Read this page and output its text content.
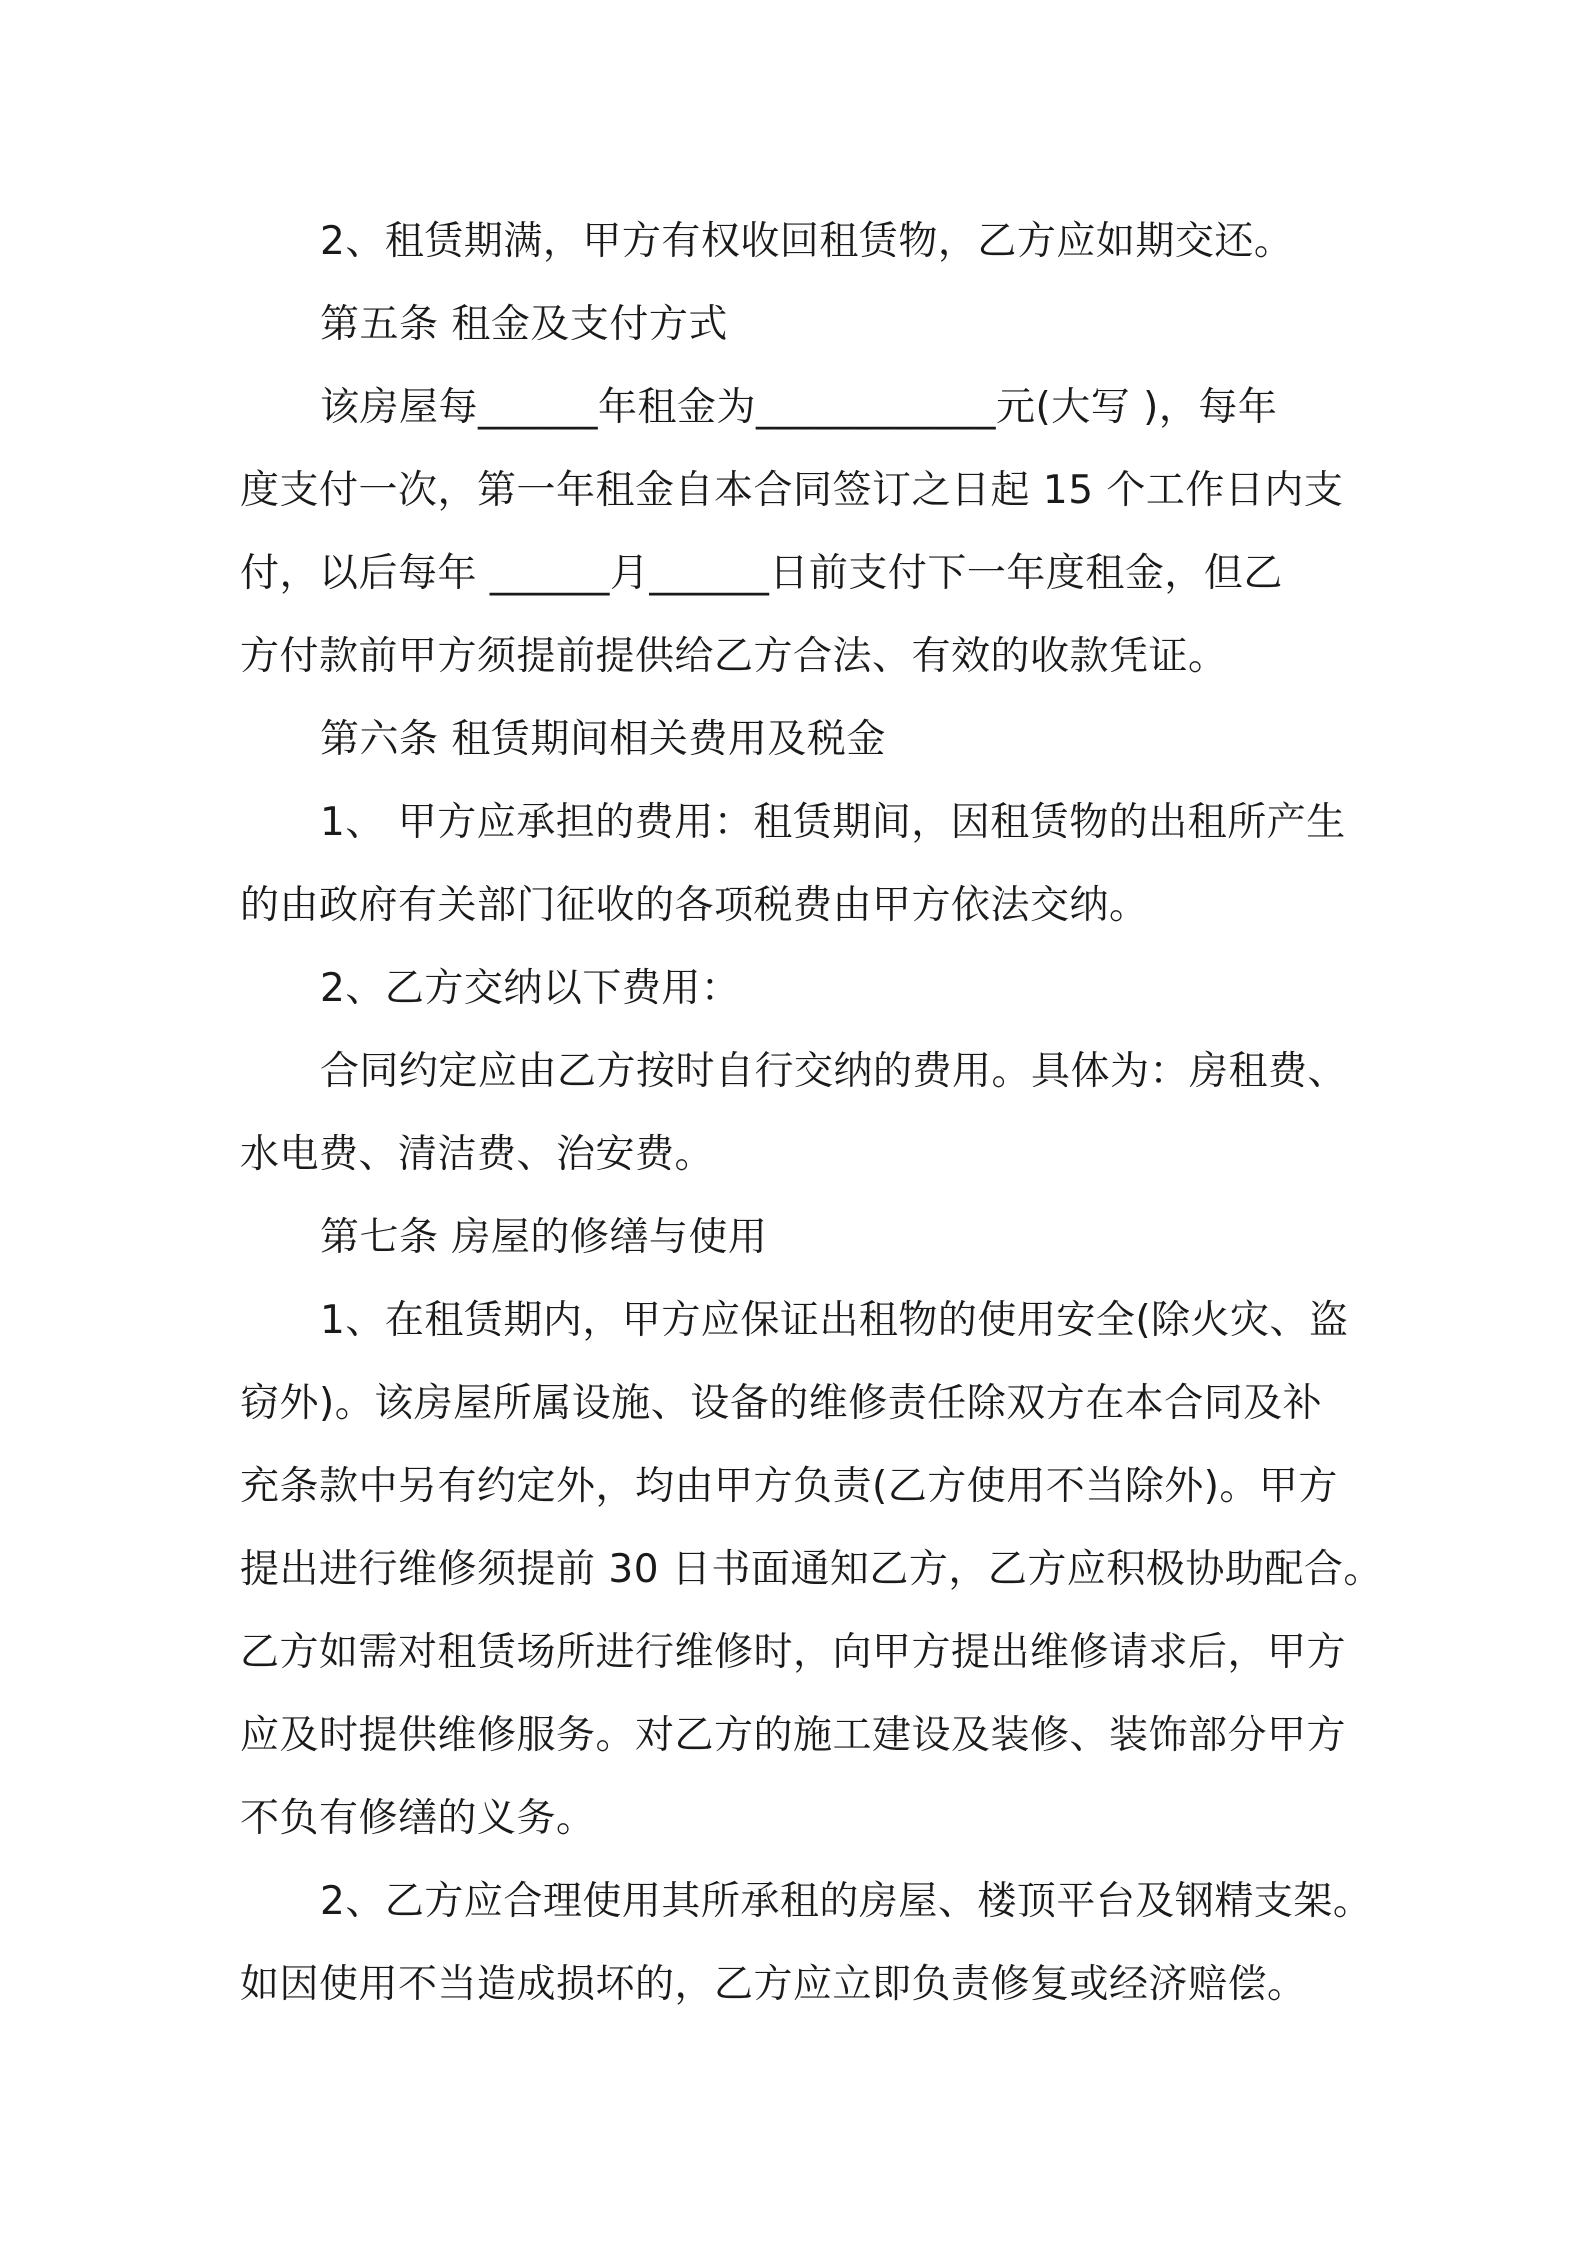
2、租赁期满，甲方有权收回租赁物，乙方应如期交还。
第五条 租金及支付方式
该房屋每______年租金为____________元(大写 )，每年
度支付一次，第一年租金自本合同签订之日起 15 个工作日内支
付，以后每年 ______月______日前支付下一年度租金，但乙
方付款前甲方须提前提供给乙方合法、有效的收款凭证。
第六条 租赁期间相关费用及税金
1、 甲方应承担的费用：租赁期间，因租赁物的出租所产生
的由政府有关部门征收的各项税费由甲方依法交纳。
2、乙方交纳以下费用：
合同约定应由乙方按时自行交纳的费用。具体为：房租费、
水电费、清洁费、治安费。
第七条 房屋的修缮与使用
1、在租赁期内，甲方应保证出租物的使用安全(除火灾、盗
窃外)。该房屋所属设施、设备的维修责任除双方在本合同及补
充条款中另有约定外，均由甲方负责(乙方使用不当除外)。甲方
提出进行维修须提前 30 日书面通知乙方，乙方应积极协助配合。
乙方如需对租赁场所进行维修时，向甲方提出维修请求后，甲方
应及时提供维修服务。对乙方的施工建设及装修、装饰部分甲方
不负有修缮的义务。
2、乙方应合理使用其所承租的房屋、楼顶平台及钢精支架。
如因使用不当造成损坏的，乙方应立即负责修复或经济赔偿。
